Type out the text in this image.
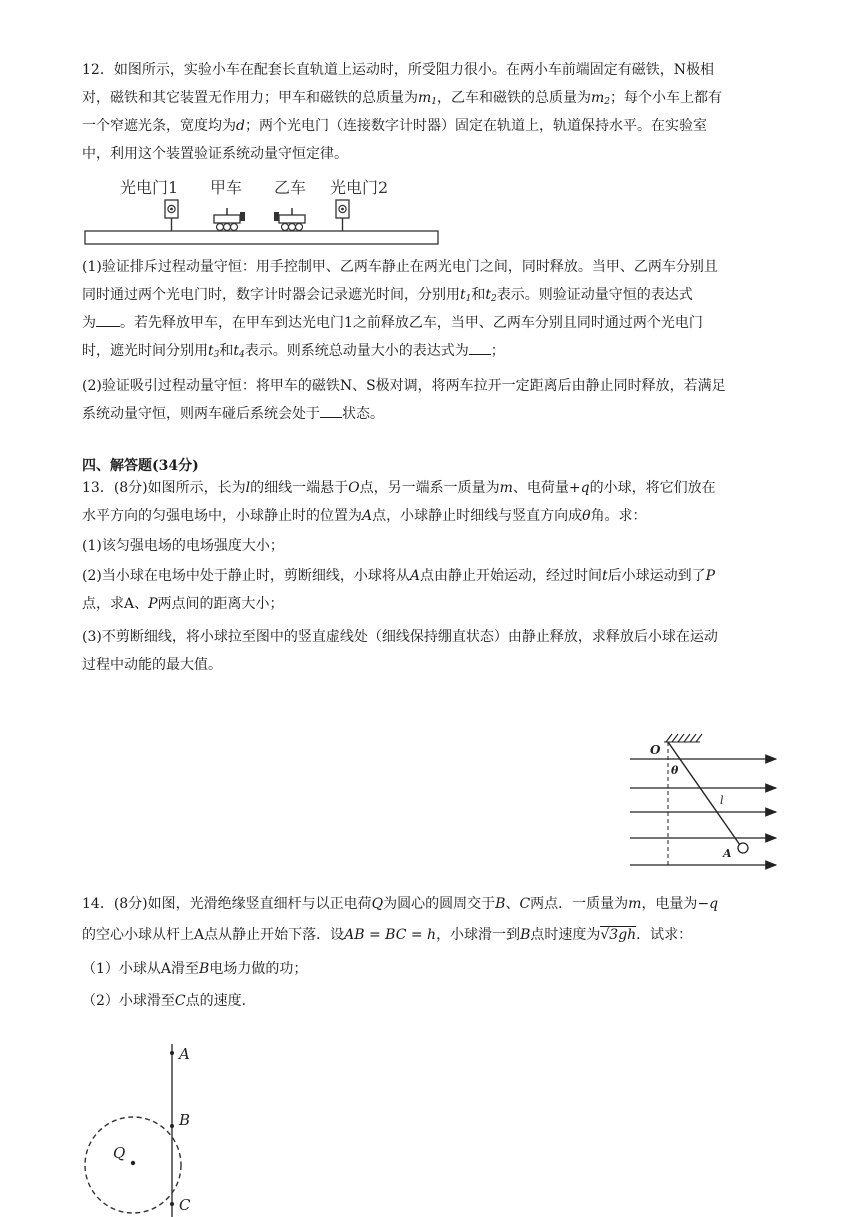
12．如图所示，实验小车在配套长直轨道上运动时，所受阻力很小。在两小车前端固定有磁铁，N极相
对，磁铁和其它装置无作用力；甲车和磁铁的总质量为m1，乙车和磁铁的总质量为m2；每个小车上都有
一个窄遮光条，宽度均为d；两个光电门（连接数字计时器）固定在轨道上，轨道保持水平。在实验室
中，利用这个装置验证系统动量守恒定律。
光电门1 甲车 乙车 光电门2
(1)验证排斥过程动量守恒：用手控制甲、乙两车静止在两光电门之间，同时释放。当甲、乙两车分别且
同时通过两个光电门时，数字计时器会记录遮光时间，分别用t1和t2表示。则验证动量守恒的表达式
为 。若先释放甲车，在甲车到达光电门1之前释放乙车，当甲、乙两车分别且同时通过两个光电门
时，遮光时间分别用t3和t4表示。则系统总动量大小的表达式为 ；
(2)验证吸引过程动量守恒：将甲车的磁铁N、S极对调，将两车拉开一定距离后由静止同时释放，若满足
系统动量守恒，则两车碰后系统会处于 状态。
四、解答题(34分)
13．(8分)如图所示，长为l的细线一端悬于O点，另一端系一质量为m、电荷量+q的小球，将它们放在
水平方向的匀强电场中，小球静止时的位置为A点，小球静止时细线与竖直方向成θ角。求：
(1)该匀强电场的电场强度大小；
(2)当小球在电场中处于静止时，剪断细线，小球将从A点由静止开始运动，经过时间t后小球运动到了P
点，求A、P两点间的距离大小；
(3)不剪断细线，将小球拉至图中的竖直虚线处（细线保持绷直状态）由静止释放，求释放后小球在运动
过程中动能的最大值。
O
θ
l
A
14．(8分)如图，光滑绝缘竖直细杆与以正电荷Q为圆心的圆周交于B、C两点．一质量为m，电量为−q
的空心小球从杆上A点从静止开始下落．设AB = BC = h，小球滑一到B点时速度为√3gh．试求：
（1）小球从A滑至B电场力做的功；
（2）小球滑至C点的速度．
A
B
Q
C
